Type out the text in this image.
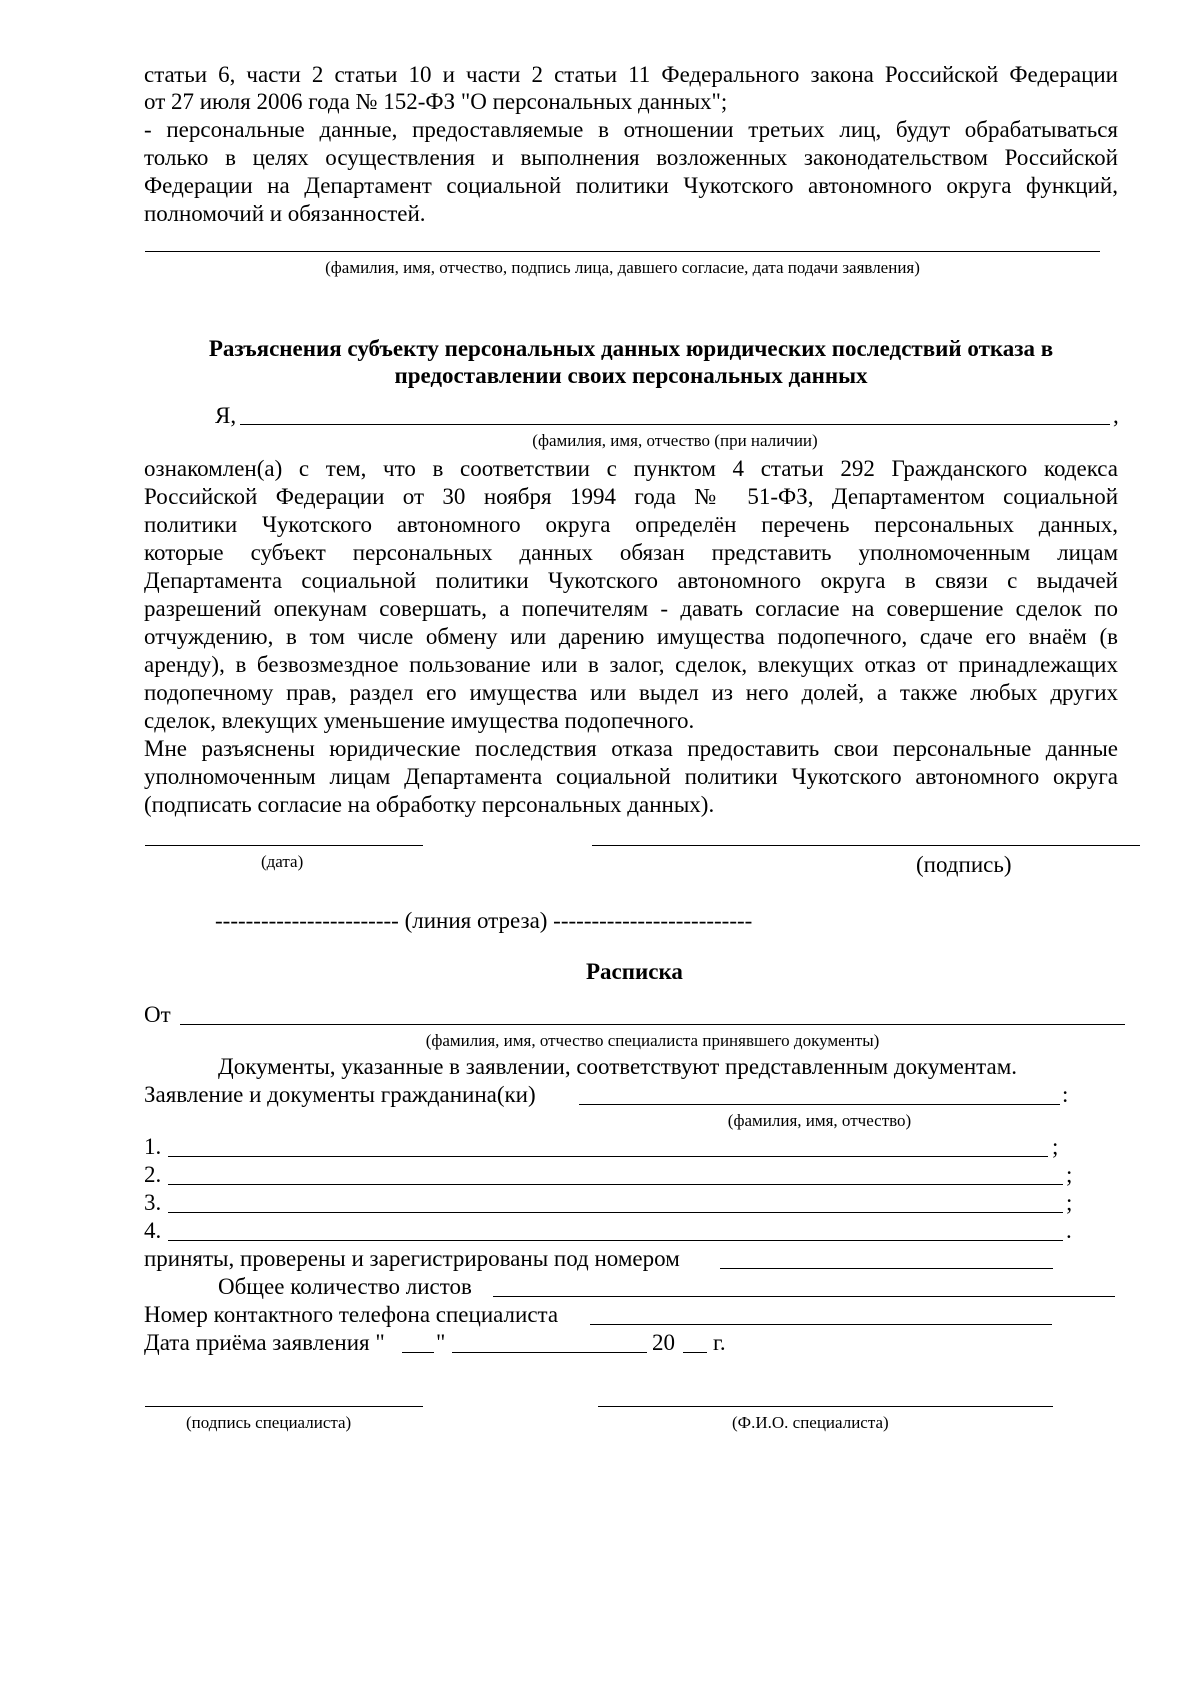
статьи 6, части 2 статьи 10 и части 2 статьи 11 Федерального закона Российской Федерации
от 27 июля 2006 года № 152-ФЗ "О персональных данных";
- персональные данные, предоставляемые в отношении третьих лиц, будут обрабатываться
только в целях осуществления и выполнения возложенных законодательством Российской
Федерации на Департамент социальной политики Чукотского автономного округа функций,
полномочий и обязанностей.
(фамилия, имя, отчество, подпись лица, давшего согласие, дата подачи заявления)
Разъяснения субъекту персональных данных юридических последствий отказа в
предоставлении своих персональных данных
Я,	,
(фамилия, имя, отчество (при наличии)
ознакомлен(а) с тем, что в соответствии с пунктом 4 статьи 292 Гражданского кодекса
Российской Федерации от 30 ноября 1994 года № 51-ФЗ, Департаментом социальной
политики Чукотского автономного округа определён перечень персональных данных,
которые субъект персональных данных обязан представить уполномоченным лицам
Департамента социальной политики Чукотского автономного округа в связи с выдачей
разрешений опекунам совершать, а попечителям - давать согласие на совершение сделок по
отчуждению, в том числе обмену или дарению имущества подопечного, сдаче его внаём (в
аренду), в безвозмездное пользование или в залог, сделок, влекущих отказ от принадлежащих
подопечному прав, раздел его имущества или выдел из него долей, а также любых других
сделок, влекущих уменьшение имущества подопечного.
Мне разъяснены юридические последствия отказа предоставить свои персональные данные
уполномоченным лицам Департамента социальной политики Чукотского автономного округа
(подписать согласие на обработку персональных данных).
(дата)	(подпись)
------------------------ (линия отреза) --------------------------
Расписка
От
(фамилия, имя, отчество специалиста принявшего документы)
Документы, указанные в заявлении, соответствуют представленным документам.
Заявление и документы гражданина(ки)	:
(фамилия, имя, отчество)
1.	;
2.	;
3.	;
4.	.
приняты, проверены и зарегистрированы под номером
Общее количество листов
Номер контактного телефона специалиста
Дата приёма заявления " "	20 г.
(подпись специалиста)	(Ф.И.О. специалиста)
